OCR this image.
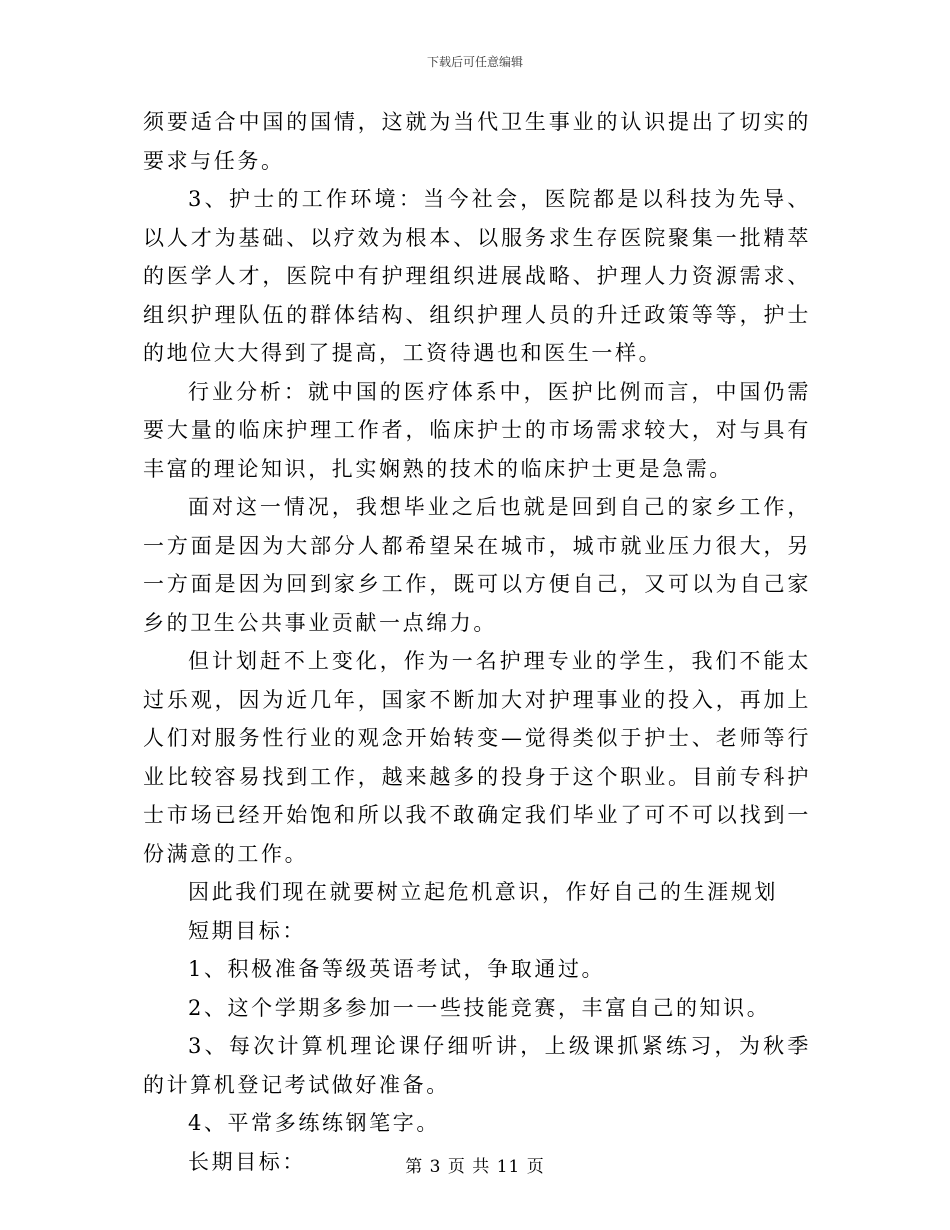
下载后可任意编辑

须要适合中国的国情，这就为当代卫生事业的认识提出了切实的要求与任务。

3、护士的工作环境：当今社会，医院都是以科技为先导、以人才为基础、以疗效为根本、以服务求生存医院聚集一批精萃的医学人才，医院中有护理组织进展战略、护理人力资源需求、组织护理队伍的群体结构、组织护理人员的升迁政策等等，护士的地位大大得到了提高，工资待遇也和医生一样。

行业分析：就中国的医疗体系中，医护比例而言，中国仍需要大量的临床护理工作者，临床护士的市场需求较大，对与具有丰富的理论知识，扎实娴熟的技术的临床护士更是急需。

面对这一情况，我想毕业之后也就是回到自己的家乡工作，一方面是因为大部分人都希望呆在城市，城市就业压力很大，另一方面是因为回到家乡工作，既可以方便自己，又可以为自己家乡的卫生公共事业贡献一点绵力。

但计划赶不上变化，作为一名护理专业的学生，我们不能太过乐观，因为近几年，国家不断加大对护理事业的投入，再加上人们对服务性行业的观念开始转变—觉得类似于护士、老师等行业比较容易找到工作，越来越多的投身于这个职业。目前专科护士市场已经开始饱和所以我不敢确定我们毕业了可不可以找到一份满意的工作。

因此我们现在就要树立起危机意识，作好自己的生涯规划

短期目标：

1、积极准备等级英语考试，争取通过。

2、这个学期多参加一一些技能竞赛，丰富自己的知识。

3、每次计算机理论课仔细听讲，上级课抓紧练习，为秋季的计算机登记考试做好准备。

4、平常多练练钢笔字。

长期目标：	第 3 页 共 11 页
